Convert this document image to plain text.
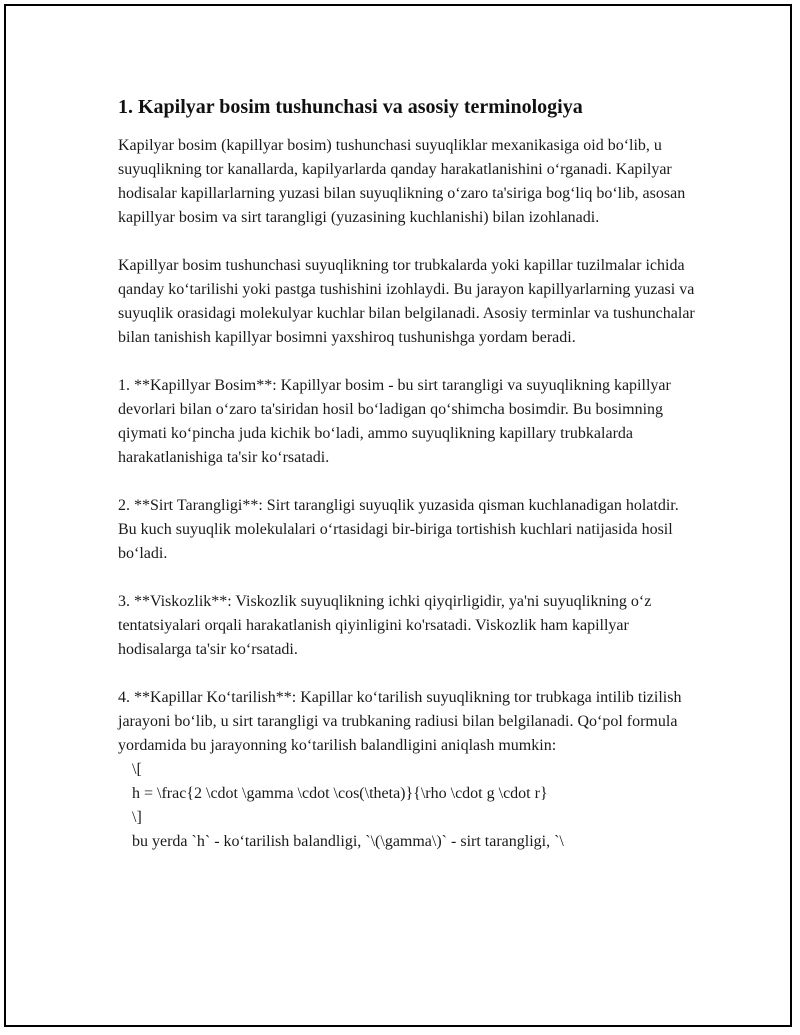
1. Kapilyar bosim tushunchasi va asosiy terminologiya

Kapilyar bosim (kapillyar bosim) tushunchasi suyuqliklar mexanikasiga oid bo‘lib, u suyuqlikning tor kanallarda, kapilyarlarda qanday harakatlanishini o‘rganadi. Kapilyar hodisalar kapillarlarning yuzasi bilan suyuqlikning o‘zaro ta'siriga bog‘liq bo‘lib, asosan kapillyar bosim va sirt tarangligi (yuzasining kuchlanishi) bilan izohlanadi.

Kapillyar bosim tushunchasi suyuqlikning tor trubkalarda yoki kapillar tuzilmalar ichida qanday ko‘tarilishi yoki pastga tushishini izohlaydi. Bu jarayon kapillyarlarning yuzasi va suyuqlik orasidagi molekulyar kuchlar bilan belgilanadi. Asosiy terminlar va tushunchalar bilan tanishish kapillyar bosimni yaxshiroq tushunishga yordam beradi.

1. **Kapillyar Bosim**: Kapillyar bosim - bu sirt tarangligi va suyuqlikning kapillyar devorlari bilan o‘zaro ta'siridan hosil bo‘ladigan qo‘shimcha bosimdir. Bu bosimning qiymati ko‘pincha juda kichik bo‘ladi, ammo suyuqlikning kapillary trubkalarda harakatlanishiga ta'sir ko‘rsatadi.

2. **Sirt Tarangligi**: Sirt tarangligi suyuqlik yuzasida qisman kuchlanadigan holatdir. Bu kuch suyuqlik molekulalari o‘rtasidagi bir-biriga tortishish kuchlari natijasida hosil bo‘ladi.

3. **Viskozlik**: Viskozlik suyuqlikning ichki qiyqirligidir, ya'ni suyuqlikning o‘z tentatsiyalari orqali harakatlanish qiyinligini ko'rsatadi. Viskozlik ham kapillyar hodisalarga ta'sir ko‘rsatadi.

4. **Kapillar Ko‘tarilish**: Kapillar ko‘tarilish suyuqlikning tor trubkaga intilib tizilish jarayoni bo‘lib, u sirt tarangligi va trubkaning radiusi bilan belgilanadi. Qo‘pol formula yordamida bu jarayonning ko‘tarilish balandligini aniqlash mumkin:

\[
h = \frac{2 \cdot \gamma \cdot \cos(\theta)}{\rho \cdot g \cdot r}
\]
bu yerda `h` - ko‘tarilish balandligi, `\(\gamma\)` - sirt tarangligi, `\
